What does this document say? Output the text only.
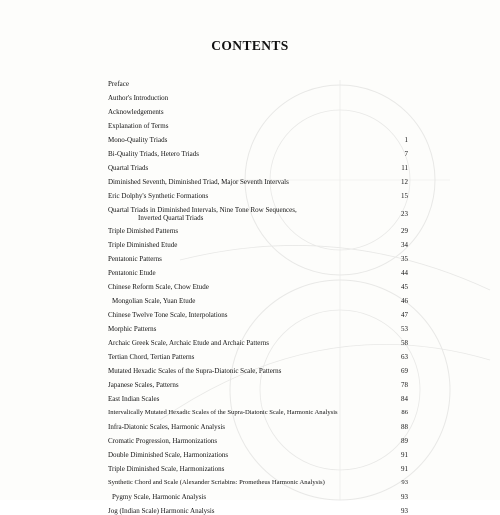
CONTENTS
Preface
Author's Introduction
Acknowledgements
Explanation of Terms
Mono-Quality Triads	1
Bi-Quality Triads, Hetero Triads	7
Quartal Triads	11
Diminished Seventh, Diminished Triad, Major Seventh Intervals	12
Eric Dolphy's Synthetic Formations	15
Quartal Triads in Diminished Intervals, Nine Tone Row Sequences,
Inverted Quartal Triads	23
Triple Dimished Patterns	29
Triple Diminished Etude	34
Pentatonic Patterns	35
Pentatonic Etude	44
Chinese Reform Scale, Chow Etude	45
Mongolian Scale, Yuan Etude	46
Chinese Twelve Tone Scale, Interpolations	47
Morphic Patterns	53
Archaic Greek Scale, Archaic Etude and Archaic Patterns	58
Tertian Chord, Tertian Patterns	63
Mutated Hexadic Scales of the Supra-Diatonic Scale, Patterns	69
Japanese Scales, Patterns	78
East Indian Scales	84
Intervalically Mutated Hexadic Scales of the Supra-Diatonic Scale, Harmonic Analysis	86
Infra-Diatonic Scales, Harmonic Analysis	88
Cromatic Progression, Harmonizations	89
Double Diminished Scale, Harmonizations	91
Triple Diminished Scale, Harmonizations	91
Synthetic Chord and Scale (Alexander Scriabins: Prometheus Harmonic Analysis)	93
Pygmy Scale, Harmonic Analysis	93
Jog (Indian Scale) Harmonic Analysis	93
